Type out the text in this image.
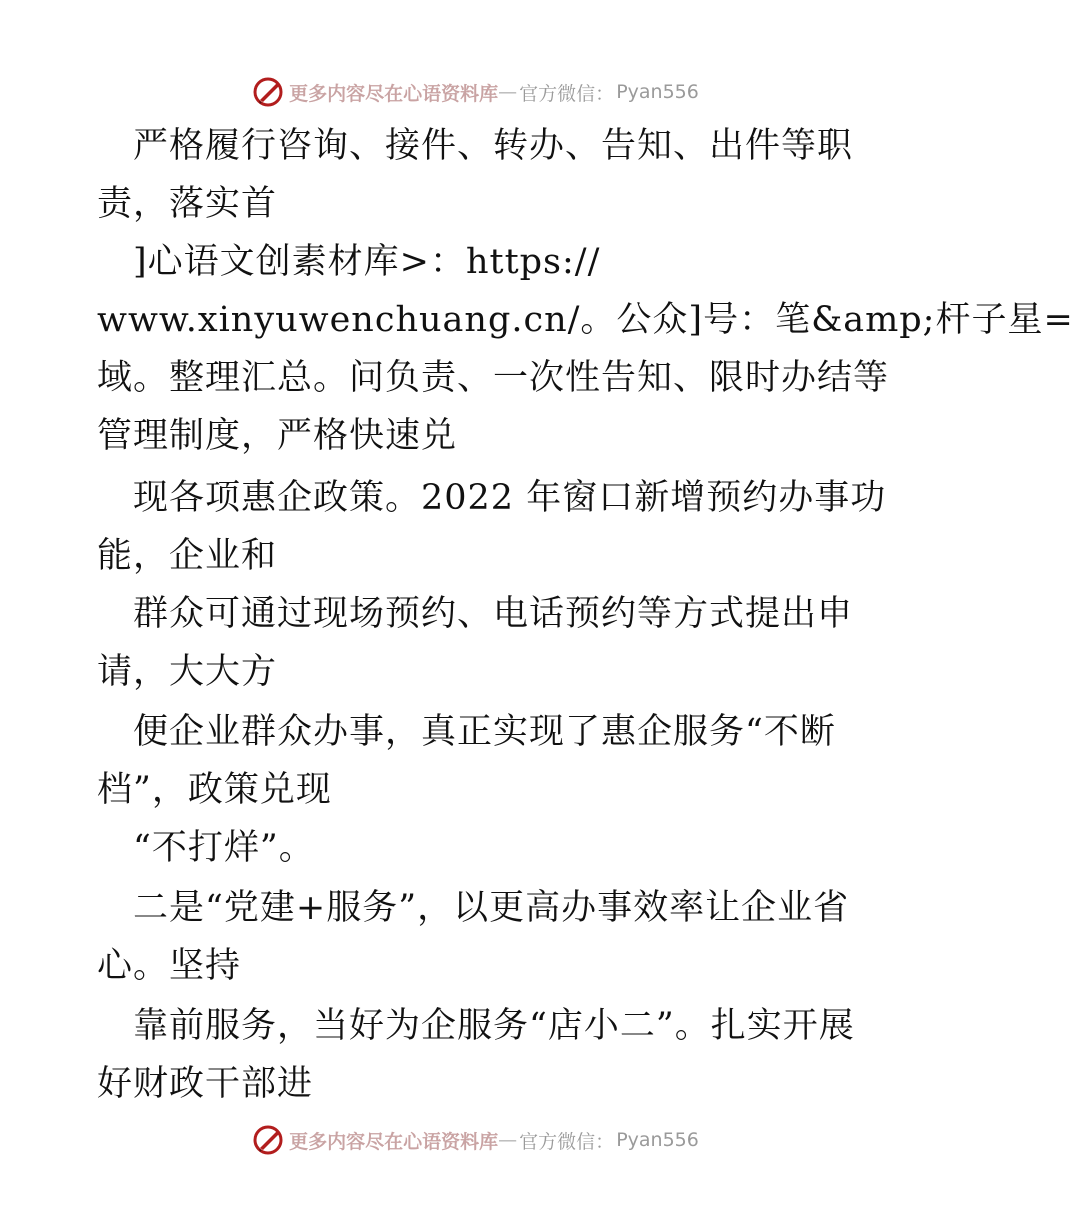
更多内容尽在心语资料库 — 官方微信： Pyan556
　严格履行咨询、接件、转办、告知、出件等职
责，落实首
　]心语文创素材库>：https://
www.xinyuwenchuang.cn/。公众]号：笔&amp;杆子星=
域。整理汇总。问负责、一次性告知、限时办结等
管理制度，严格快速兑
　现各项惠企政策。2022 年窗口新增预约办事功
能，企业和
　群众可通过现场预约、电话预约等方式提出申
请，大大方
　便企业群众办事，真正实现了惠企服务“不断
档”，政策兑现
　“不打烊”。
　二是“党建+服务”，以更高办事效率让企业省
心。坚持
　靠前服务，当好为企服务“店小二”。扎实开展
好财政干部进
更多内容尽在心语资料库 — 官方微信： Pyan556
